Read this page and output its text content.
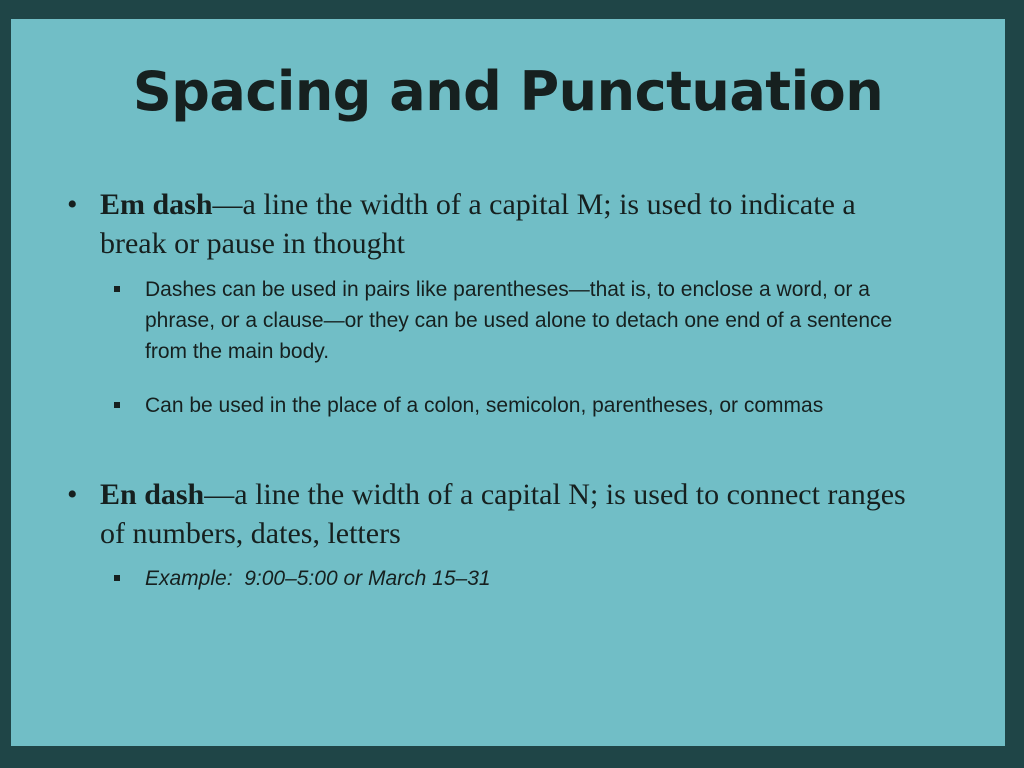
Spacing and Punctuation
• Em dash—a line the width of a capital M; is used to indicate a break or pause in thought
Dashes can be used in pairs like parentheses—that is, to enclose a word, or a phrase, or a clause—or they can be used alone to detach one end of a sentence from the main body.
Can be used in the place of a colon, semicolon, parentheses, or commas
• En dash—a line the width of a capital N; is used to connect ranges of numbers, dates, letters
Example:  9:00–5:00 or March 15–31
